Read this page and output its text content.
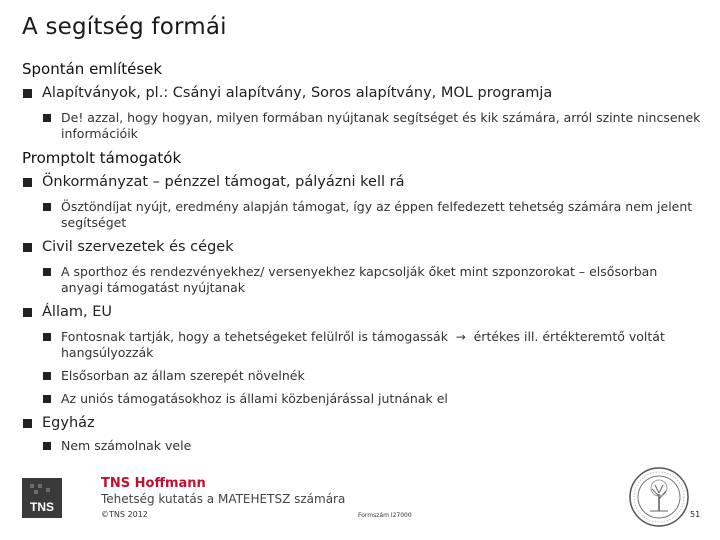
A segítség formái
Spontán említések
Alapítványok, pl.: Csányi alapítvány, Soros alapítvány, MOL programja
De! azzal, hogy hogyan, milyen formában nyújtanak segítséget és kik számára, arról szinte nincsenek információik
Promptolt támogatók
Önkormányzat – pénzzel támogat, pályázni kell rá
Ösztöndíjat nyújt, eredmény alapján támogat, így az éppen felfedezett tehetség számára nem jelent segítséget
Civil szervezetek és cégek
A sporthoz és rendezvényekhez/ versenyekhez kapcsolják őket mint szponzorokat – elsősorban anyagi támogatást nyújtanak
Állam, EU
Fontosnak tartják, hogy a tehetségeket felülről is támogassák  →  értékes ill. értékteremtő voltát hangsúlyozzák
Elsősorban az állam szerepét növelnék
Az uniós támogatásokhoz is állami közbenjárással jutnának el
Egyház
Nem számolnak vele
TNS
TNS Hoffmann
Tehetség kutatás a MATEHETSZ számára
©TNS 2012	Formszám I27000	51
